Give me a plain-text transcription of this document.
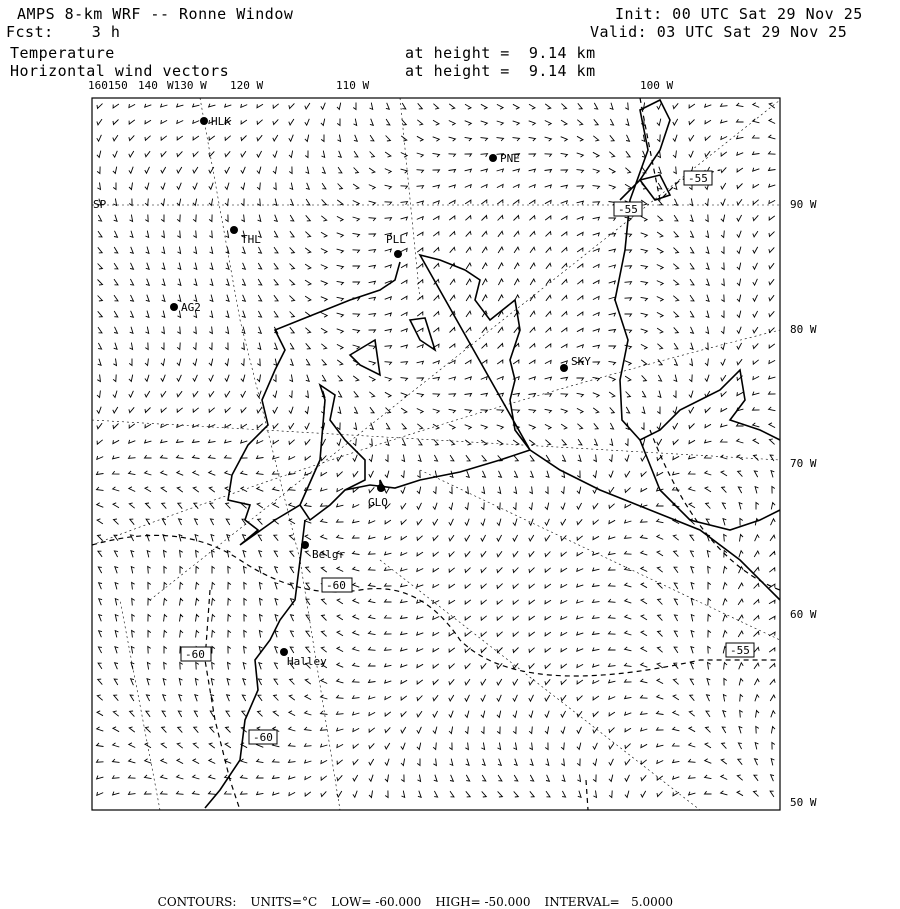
AMPS 8-km WRF -- Ronne Window
Fcst:    3 h
Temperature
Horizontal wind vectors
Init: 00 UTC Sat 29 Nov 25
Valid: 03 UTC Sat 29 Nov 25
at height =  9.14 km
at height =  9.14 km
160150 140 W130 W 120 W	110 W	100 W
90 W
80 W
70 W
60 W
50 W
SP
HLK
PNE
THL	PLL
AG2
SKY
GLO
Belgr
Halley
-55
-55
-60
-60	-55
-60

CONTOURS: UNITS=°C LOW= -60.000 HIGH= -50.000 INTERVAL=   5.0000
